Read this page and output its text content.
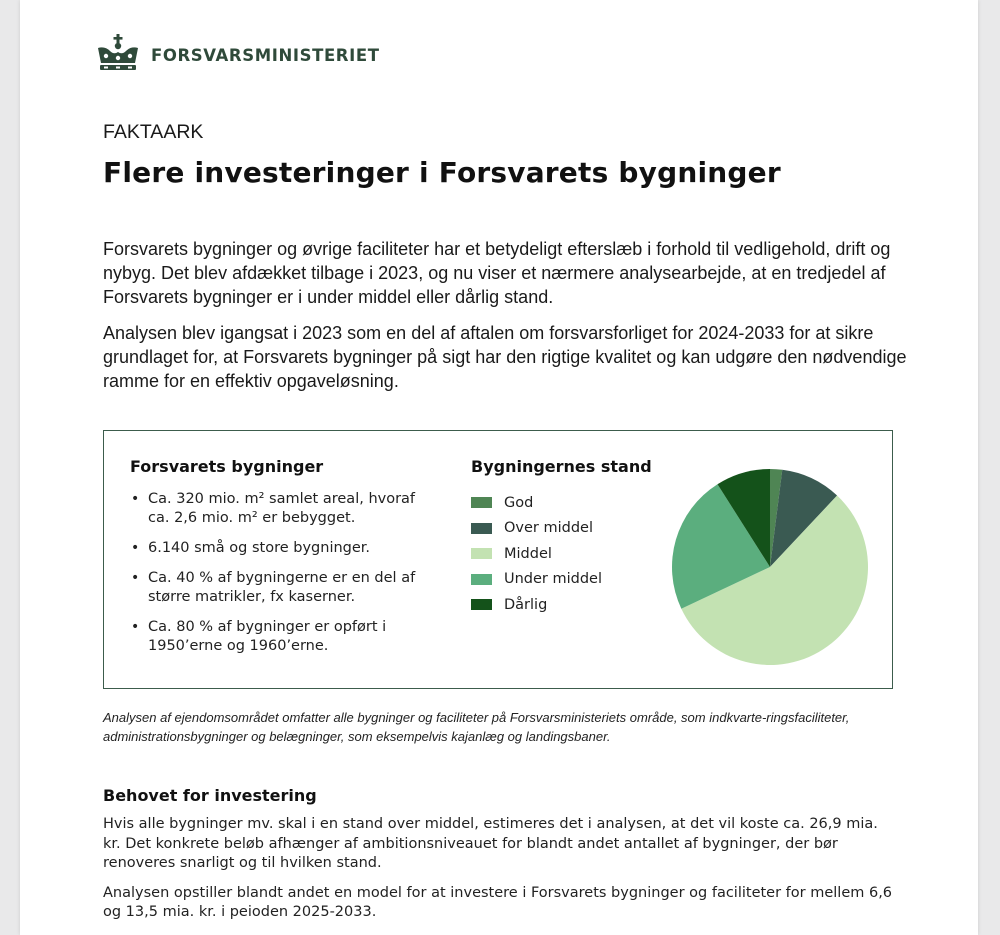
FORSVARSMINISTERIET
FAKTAARK
Flere investeringer i Forsvarets bygninger

Forsvarets bygninger og øvrige faciliteter har et betydeligt efterslæb i forhold til vedligehold, drift og nybyg. Det blev afdækket tilbage i 2023, og nu viser et nærmere analysearbejde, at en tredjedel af Forsvarets bygninger er i under middel eller dårlig stand.

Analysen blev igangsat i 2023 som en del af aftalen om forsvarsforliget for 2024-2033 for at sikre grundlaget for, at Forsvarets bygninger på sigt har den rigtige kvalitet og kan udgøre den nødvendige ramme for en effektiv opgaveløsning.

Forsvarets bygninger
• Ca. 320 mio. m² samlet areal, hvoraf ca. 2,6 mio. m² er bebygget.
• 6.140 små og store bygninger.
• Ca. 40 % af bygningerne er en del af større matrikler, fx kaserner.
• Ca. 80 % af bygninger er opført i 1950’erne og 1960’erne.
Bygningernes stand
God
Over middel
Middel
Under middel
Dårlig
Analysen af ejendomsområdet omfatter alle bygninger og faciliteter på Forsvarsministeriets område, som indkvarte-ringsfaciliteter, administrationsbygninger og belægninger, som eksempelvis kajanlæg og landingsbaner.
Behovet for investering

Hvis alle bygninger mv. skal i en stand over middel, estimeres det i analysen, at det vil koste ca. 26,9 mia. kr. Det konkrete beløb afhænger af ambitionsniveauet for blandt andet antallet af bygninger, der bør renoveres snarligt og til hvilken stand.

Analysen opstiller blandt andet en model for at investere i Forsvarets bygninger og faciliteter for mellem 6,6 og 13,5 mia. kr. i peioden 2025-2033.
